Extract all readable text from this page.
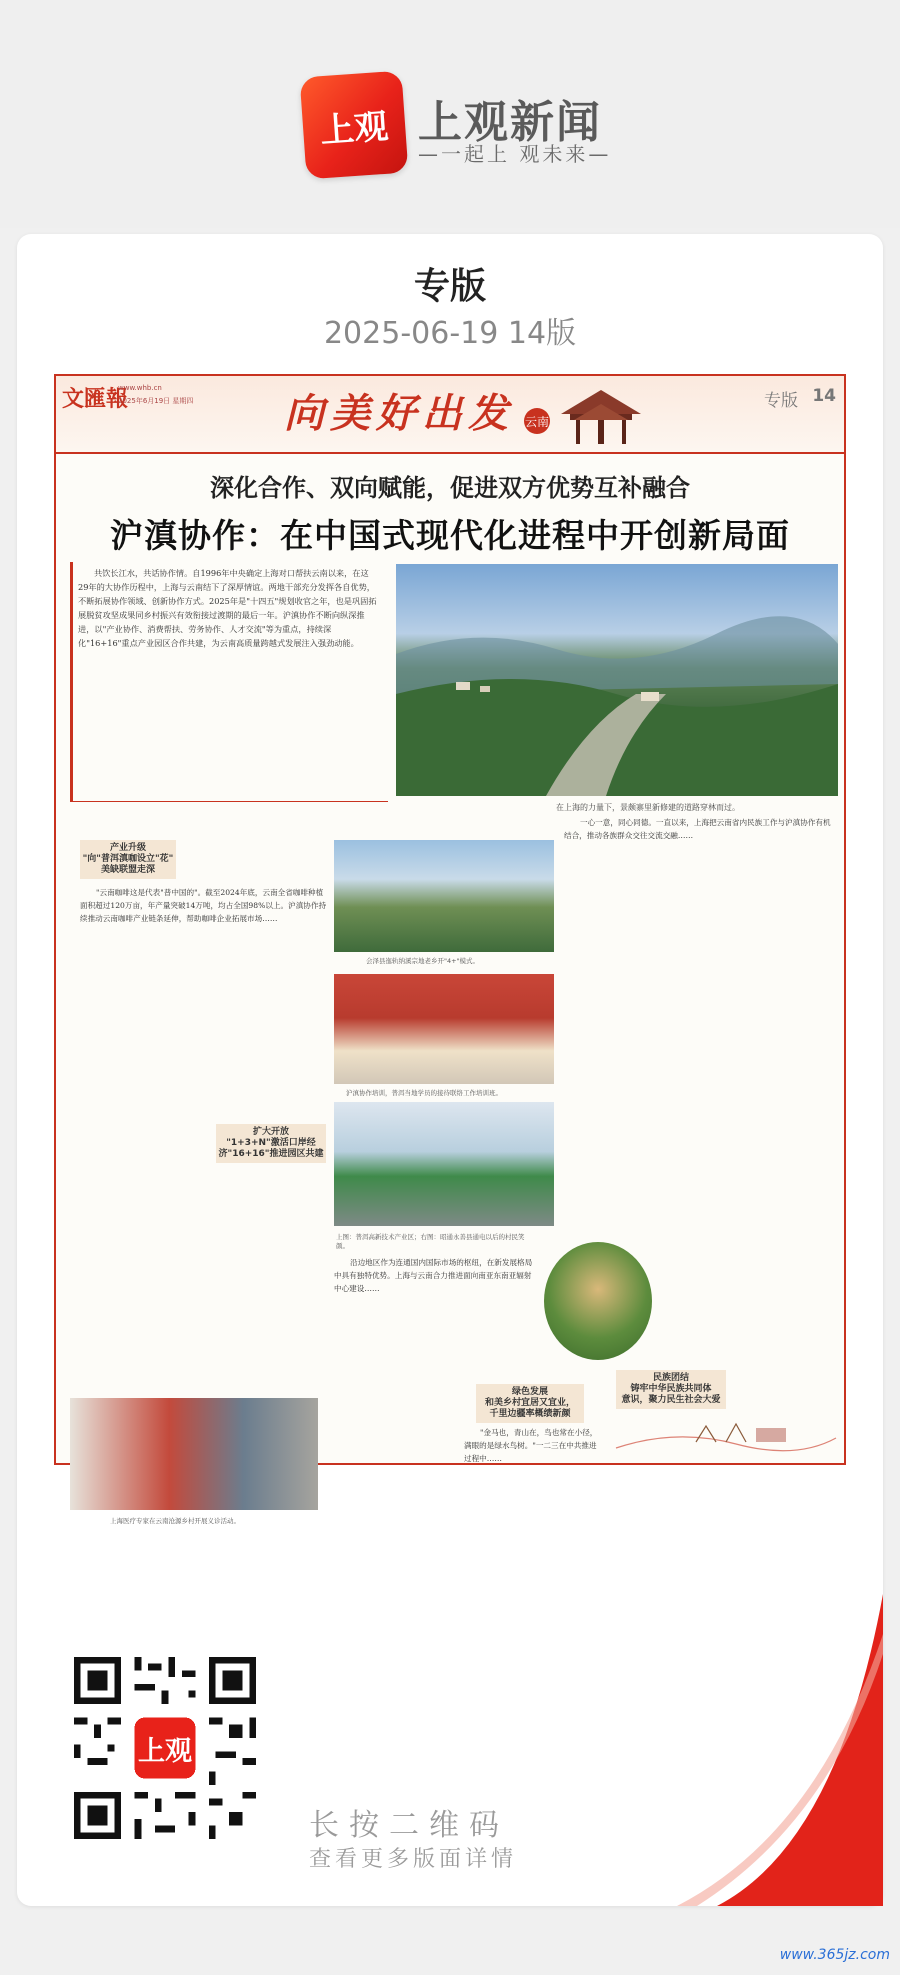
上观 上观新闻
—一起上 观未来—
专版
2025-06-19 14版
文匯報
www.whb.cn
2025年6月19日 星期四 向美好出发 云南
专版 14
深化合作、双向赋能，促进双方优势互补融合
沪滇协作：在中国式现代化进程中开创新局面
共饮长江水，共话协作情。自1996年中央确定上海对口帮扶云南以来，在这29年的大协作历程中，上海与云南结下了深厚情谊。两地干部充分发挥各自优势，不断拓展协作领域、创新协作方式。2025年是"十四五"规划收官之年，也是巩固拓展脱贫攻坚成果同乡村振兴有效衔接过渡期的最后一年。沪滇协作不断向纵深推进，以"产业协作、消费帮扶、劳务协作、人才交流"等为重点，持续深化"16+16"重点产业园区合作共建，为云南高质量跨越式发展注入强劲动能。
在上海的力量下，景颇寨里新修建的道路穿林而过。
产业升级
"向"普洱滇咖设立"花"
美缺联盟走深
"云南咖啡这是代表"普中国的"。截至2024年底，云南全省咖啡种植面积超过120万亩，年产量突破14万吨，均占全国98%以上。沪滇协作持续推动云南咖啡产业链条延伸，帮助咖啡企业拓展市场……
扩大开放
"1+3+N"激活口岸经
济"16+16"推进园区共建
会泽县迤轨纳溪宗地老乡开"4+"模式。
沪滇协作培训，普洱当地学员的接待联络工作培训班。
上图：普洱高新技术产业区；右图：昭通永善县通电以后的村民笑颜。
上海医疗专家在云南沧源乡村开展义诊活动。
沿边地区作为连通国内国际市场的枢纽，在新发展格局中具有独特优势。上海与云南合力推进面向南亚东南亚辐射中心建设……
绿色发展
和美乡村宜居又宜业，
千里边疆率概绩新颜
"金马也，青山在，鸟也常在小径，满眼的是绿水鸟树。"一二三在中共推进过程中……
民族团结
铸牢中华民族共同体
意识，聚力民生社会大爱
一心一意，同心同德。一直以来，上海把云南省内民族工作与沪滇协作有机结合，推动各族群众交往交流交融……
上观
长按二维码
查看更多版面详情
www.365jz.com
